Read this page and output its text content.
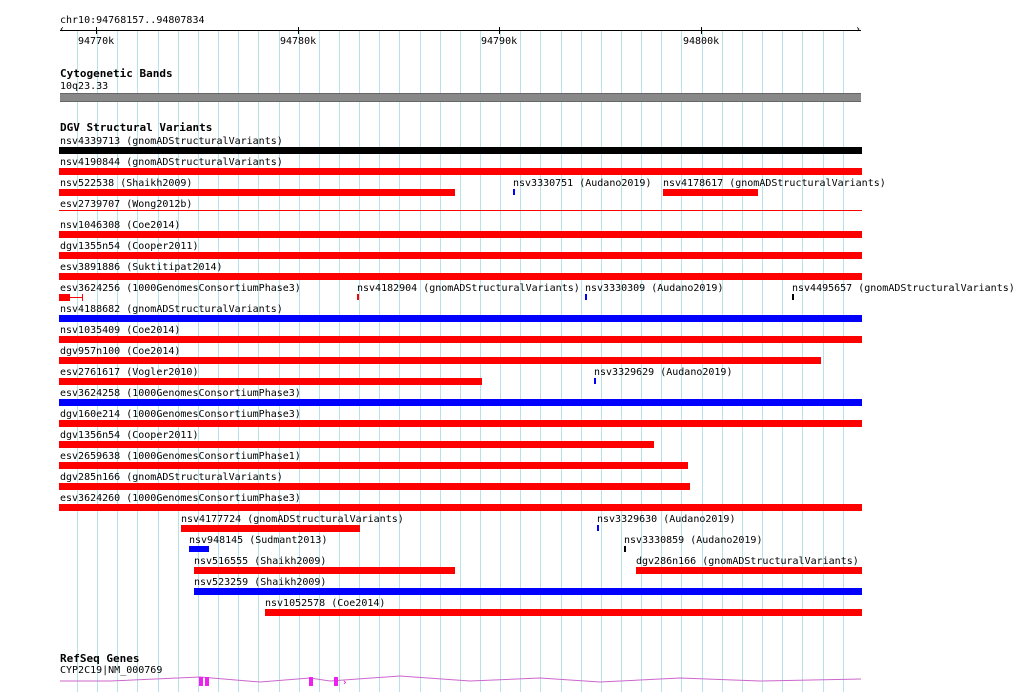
chr10:94768157..94807834
‹	›
94770k	94780k	94790k	94800k
Cytogenetic Bands
10q23.33
DGV Structural Variants
nsv4339713 (gnomADStructuralVariants)
nsv4190844 (gnomADStructuralVariants)
nsv522538 (Shaikh2009)	nsv3330751 (Audano2019) nsv4178617 (gnomADStructuralVariants)
esv2739707 (Wong2012b)
nsv1046308 (Coe2014)
dgv1355n54 (Cooper2011)
esv3891886 (Suktitipat2014)
esv3624256 (1000GenomesConsortiumPhase3)	nsv4182904 (gnomADStructuralVariants) nsv3330309 (Audano2019)	nsv4495657 (gnomADStructuralVariants)
nsv4188682 (gnomADStructuralVariants)
nsv1035409 (Coe2014)
dgv957n100 (Coe2014)
esv2761617 (Vogler2010)	nsv3329629 (Audano2019)
esv3624258 (1000GenomesConsortiumPhase3)
dgv160e214 (1000GenomesConsortiumPhase3)
dgv1356n54 (Cooper2011)
esv2659638 (1000GenomesConsortiumPhase1)
dgv285n166 (gnomADStructuralVariants)
esv3624260 (1000GenomesConsortiumPhase3)
nsv4177724 (gnomADStructuralVariants)	nsv3329630 (Audano2019)
nsv948145 (Sudmant2013)	nsv3330859 (Audano2019)
nsv516555 (Shaikh2009)	dgv286n166 (gnomADStructuralVariants)
nsv523259 (Shaikh2009)
nsv1052578 (Coe2014)
RefSeq Genes
CYP2C19|NM_000769
›
